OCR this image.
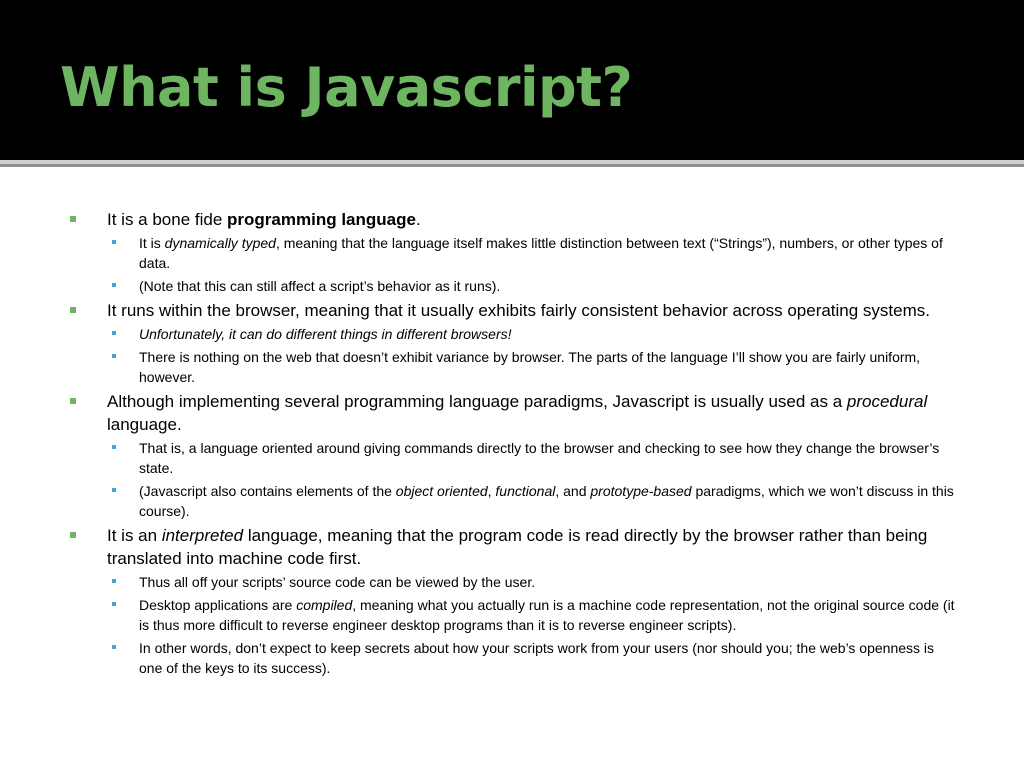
What is Javascript?
It is a bone fide programming language.
It is dynamically typed, meaning that the language itself makes little distinction between text (“Strings”), numbers, or other types of data.
(Note that this can still affect a script’s behavior as it runs).
It runs within the browser, meaning that it usually exhibits fairly consistent behavior across operating systems.
Unfortunately, it can do different things in different browsers!
There is nothing on the web that doesn’t exhibit variance by browser. The parts of the language I’ll show you are fairly uniform, however.
Although implementing several programming language paradigms, Javascript is usually used as a procedural language.
That is, a language oriented around giving commands directly to the browser and checking to see how they change the browser’s state.
(Javascript also contains elements of the object oriented, functional, and prototype-based paradigms, which we won’t discuss in this course).
It is an interpreted language, meaning that the program code is read directly by the browser rather than being translated into machine code first.
Thus all off your scripts’ source code can be viewed by the user.
Desktop applications are compiled, meaning what you actually run is a machine code representation, not the original source code (it is thus more difficult to reverse engineer desktop programs than it is to reverse engineer scripts).
In other words, don’t expect to keep secrets about how your scripts work from your users (nor should you; the web’s openness is one of the keys to its success).
